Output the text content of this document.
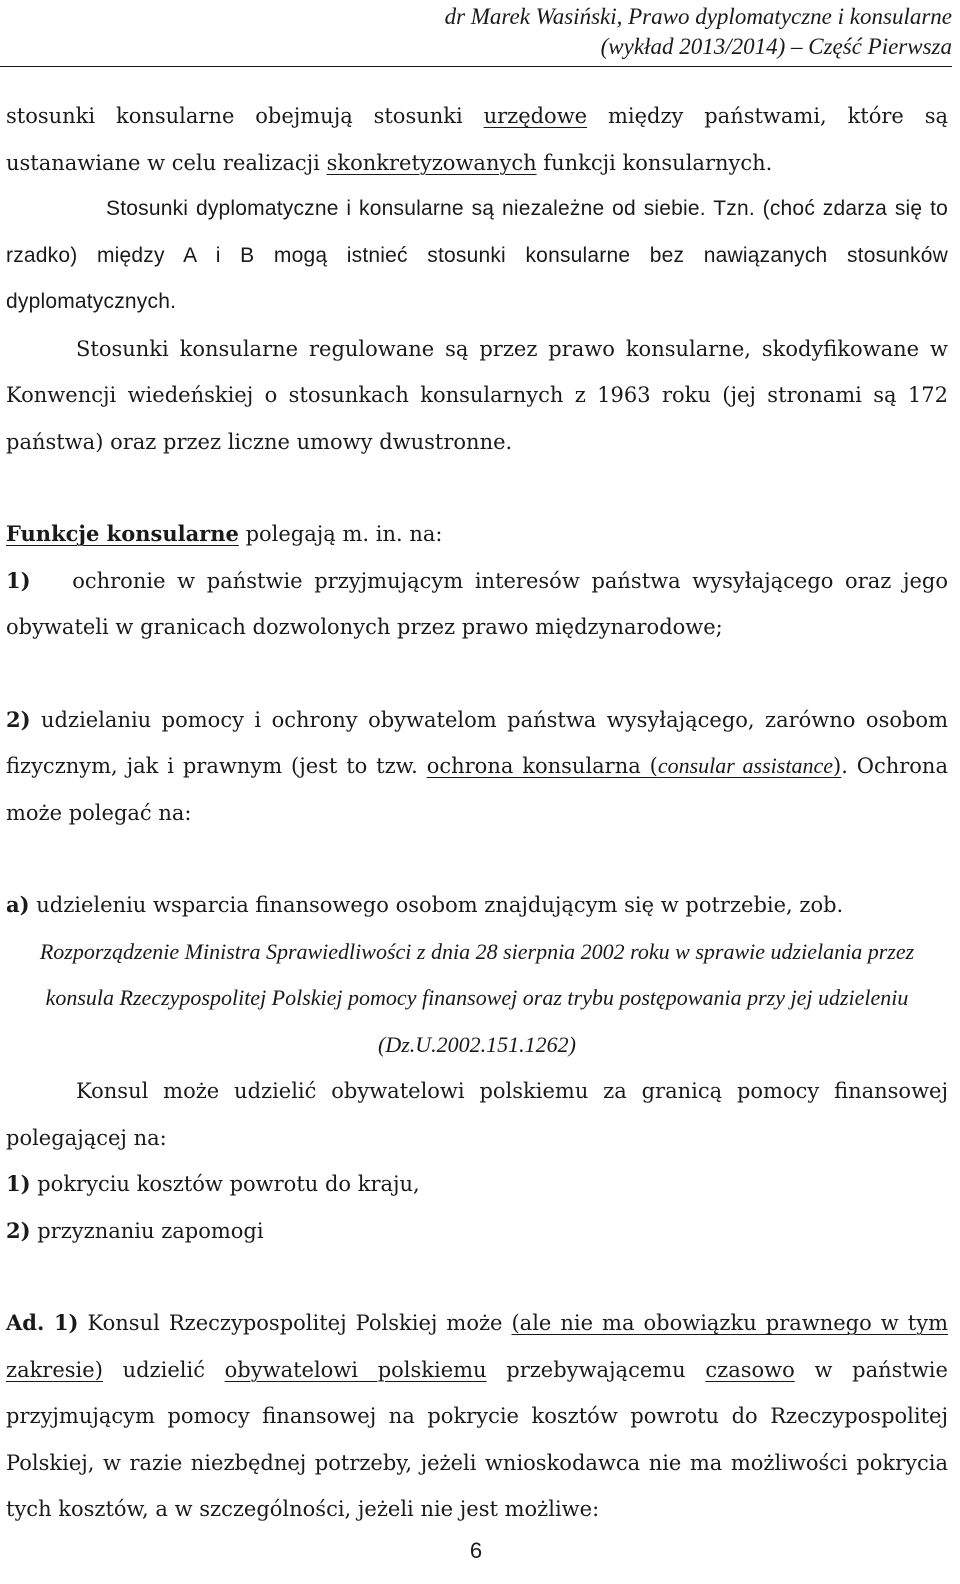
dr Marek Wasiński, Prawo dyplomatyczne i konsularne
(wykład 2013/2014) – Część Pierwsza

stosunki konsularne obejmują stosunki urzędowe między państwami, które są ustanawiane w celu realizacji skonkretyzowanych funkcji konsularnych.

Stosunki dyplomatyczne i konsularne są niezależne od siebie. Tzn. (choć zdarza się to rzadko) między A i B mogą istnieć stosunki konsularne bez nawiązanych stosunków dyplomatycznych.

Stosunki konsularne regulowane są przez prawo konsularne, skodyfikowane w Konwencji wiedeńskiej o stosunkach konsularnych z 1963 roku (jej stronami są 172 państwa) oraz przez liczne umowy dwustronne.

Funkcje konsularne polegają m. in. na:

1) ochronie w państwie przyjmującym interesów państwa wysyłającego oraz jego obywateli w granicach dozwolonych przez prawo międzynarodowe;

2) udzielaniu pomocy i ochrony obywatelom państwa wysyłającego, zarówno osobom fizycznym, jak i prawnym (jest to tzw. ochrona konsularna (consular assistance). Ochrona może polegać na:

a) udzieleniu wsparcia finansowego osobom znajdującym się w potrzebie, zob.

Rozporządzenie Ministra Sprawiedliwości z dnia 28 sierpnia 2002 roku w sprawie udzielania przez konsula Rzeczypospolitej Polskiej pomocy finansowej oraz trybu postępowania przy jej udzieleniu (Dz.U.2002.151.1262)

Konsul może udzielić obywatelowi polskiemu za granicą pomocy finansowej polegającej na:

1) pokryciu kosztów powrotu do kraju,

2) przyznaniu zapomogi

Ad. 1) Konsul Rzeczypospolitej Polskiej może (ale nie ma obowiązku prawnego w tym zakresie) udzielić obywatelowi polskiemu przebywającemu czasowo w państwie przyjmującym pomocy finansowej na pokrycie kosztów powrotu do Rzeczypospolitej Polskiej, w razie niezbędnej potrzeby, jeżeli wnioskodawca nie ma możliwości pokrycia tych kosztów, a w szczególności, jeżeli nie jest możliwe:

6
